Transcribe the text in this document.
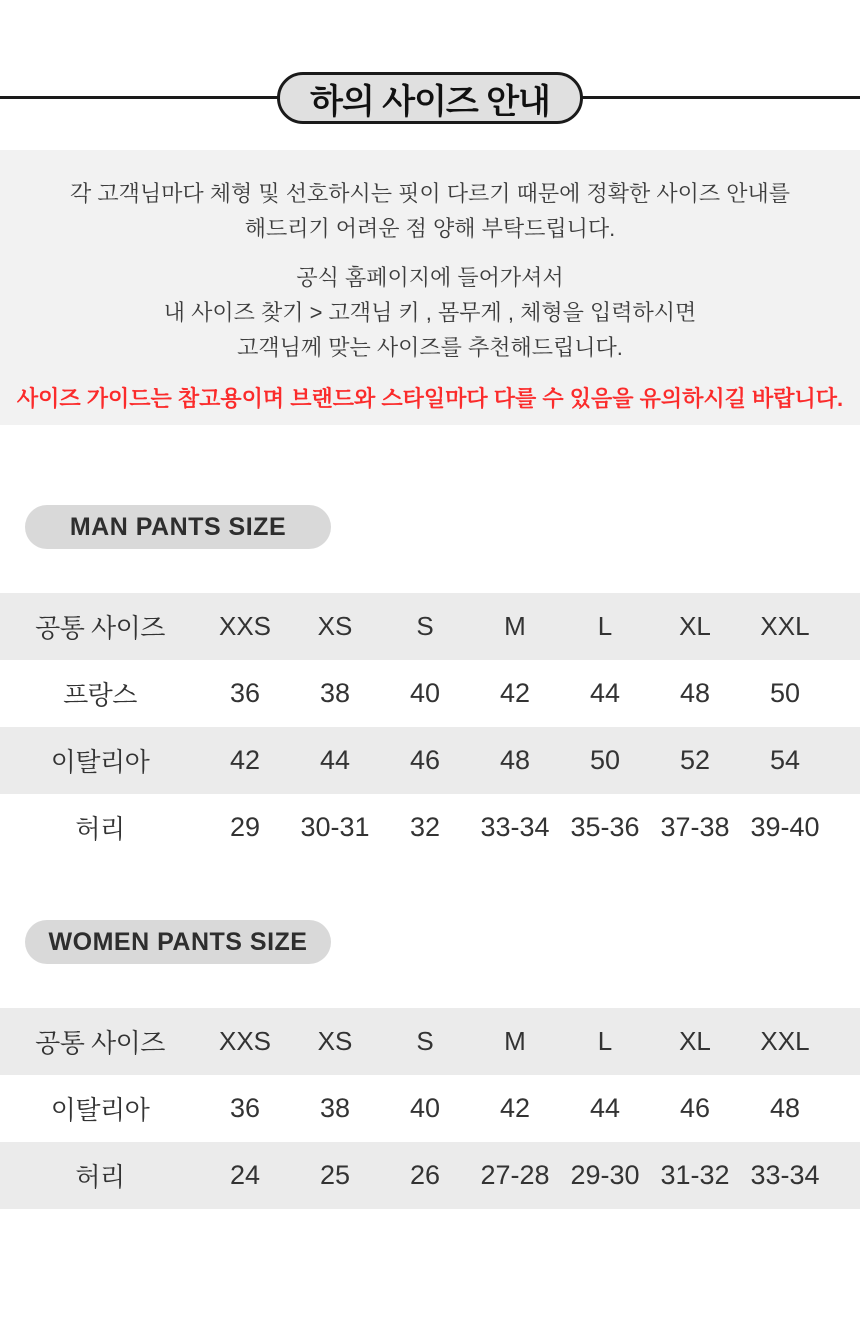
하의 사이즈 안내

각 고객님마다 체형 및 선호하시는 핏이 다르기 때문에 정확한 사이즈 안내를
해드리기 어려운 점 양해 부탁드립니다.

공식 홈페이지에 들어가셔서
내 사이즈 찾기 > 고객님 키 , 몸무게 , 체형을 입력하시면
고객님께 맞는 사이즈를 추천해드립니다.

사이즈 가이드는 참고용이며 브랜드와 스타일마다 다를 수 있음을 유의하시길 바랍니다.

MAN PANTS SIZE
공통 사이즈	XXS	XS	S	M	L	XL	XXL
프랑스	36	38	40	42	44	48	50
이탈리아	42	44	46	48	50	52	54
허리	29	30-31	32	33-34 35-36 37-38 39-40
WOMEN PANTS SIZE
공통 사이즈	XXS	XS	S	M	L	XL	XXL
이탈리아	36	38	40	42	44	46	48
허리	24	25	26	27-28 29-30 31-32 33-34
